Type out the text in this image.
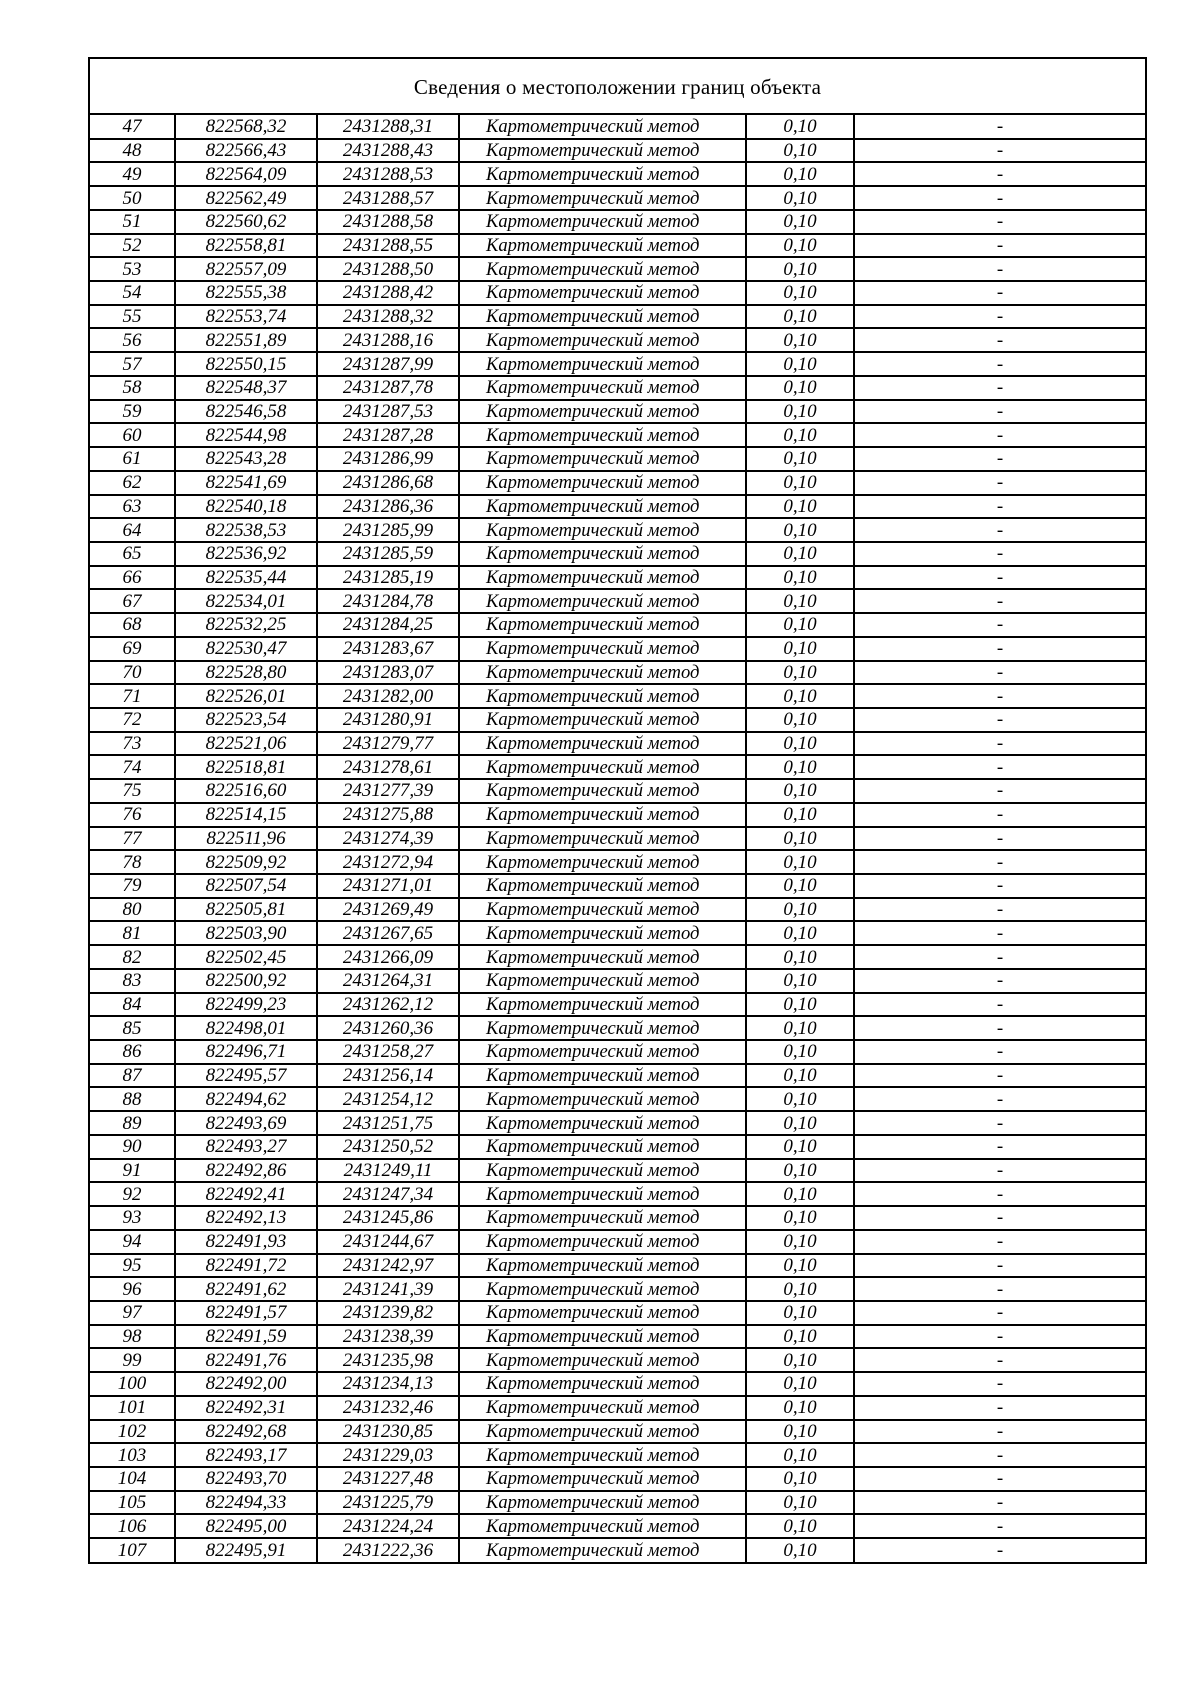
Сведения о местоположении границ объекта
47	822568,32	2431288,31	Картометрический метод	0,10	-
48	822566,43	2431288,43	Картометрический метод	0,10	-
49	822564,09	2431288,53	Картометрический метод	0,10	-
50	822562,49	2431288,57	Картометрический метод	0,10	-
51	822560,62	2431288,58	Картометрический метод	0,10	-
52	822558,81	2431288,55	Картометрический метод	0,10	-
53	822557,09	2431288,50	Картометрический метод	0,10	-
54	822555,38	2431288,42	Картометрический метод	0,10	-
55	822553,74	2431288,32	Картометрический метод	0,10	-
56	822551,89	2431288,16	Картометрический метод	0,10	-
57	822550,15	2431287,99	Картометрический метод	0,10	-
58	822548,37	2431287,78	Картометрический метод	0,10	-
59	822546,58	2431287,53	Картометрический метод	0,10	-
60	822544,98	2431287,28	Картометрический метод	0,10	-
61	822543,28	2431286,99	Картометрический метод	0,10	-
62	822541,69	2431286,68	Картометрический метод	0,10	-
63	822540,18	2431286,36	Картометрический метод	0,10	-
64	822538,53	2431285,99	Картометрический метод	0,10	-
65	822536,92	2431285,59	Картометрический метод	0,10	-
66	822535,44	2431285,19	Картометрический метод	0,10	-
67	822534,01	2431284,78	Картометрический метод	0,10	-
68	822532,25	2431284,25	Картометрический метод	0,10	-
69	822530,47	2431283,67	Картометрический метод	0,10	-
70	822528,80	2431283,07	Картометрический метод	0,10	-
71	822526,01	2431282,00	Картометрический метод	0,10	-
72	822523,54	2431280,91	Картометрический метод	0,10	-
73	822521,06	2431279,77	Картометрический метод	0,10	-
74	822518,81	2431278,61	Картометрический метод	0,10	-
75	822516,60	2431277,39	Картометрический метод	0,10	-
76	822514,15	2431275,88	Картометрический метод	0,10	-
77	822511,96	2431274,39	Картометрический метод	0,10	-
78	822509,92	2431272,94	Картометрический метод	0,10	-
79	822507,54	2431271,01	Картометрический метод	0,10	-
80	822505,81	2431269,49	Картометрический метод	0,10	-
81	822503,90	2431267,65	Картометрический метод	0,10	-
82	822502,45	2431266,09	Картометрический метод	0,10	-
83	822500,92	2431264,31	Картометрический метод	0,10	-
84	822499,23	2431262,12	Картометрический метод	0,10	-
85	822498,01	2431260,36	Картометрический метод	0,10	-
86	822496,71	2431258,27	Картометрический метод	0,10	-
87	822495,57	2431256,14	Картометрический метод	0,10	-
88	822494,62	2431254,12	Картометрический метод	0,10	-
89	822493,69	2431251,75	Картометрический метод	0,10	-
90	822493,27	2431250,52	Картометрический метод	0,10	-
91	822492,86	2431249,11	Картометрический метод	0,10	-
92	822492,41	2431247,34	Картометрический метод	0,10	-
93	822492,13	2431245,86	Картометрический метод	0,10	-
94	822491,93	2431244,67	Картометрический метод	0,10	-
95	822491,72	2431242,97	Картометрический метод	0,10	-
96	822491,62	2431241,39	Картометрический метод	0,10	-
97	822491,57	2431239,82	Картометрический метод	0,10	-
98	822491,59	2431238,39	Картометрический метод	0,10	-
99	822491,76	2431235,98	Картометрический метод	0,10	-
100	822492,00	2431234,13	Картометрический метод	0,10	-
101	822492,31	2431232,46	Картометрический метод	0,10	-
102	822492,68	2431230,85	Картометрический метод	0,10	-
103	822493,17	2431229,03	Картометрический метод	0,10	-
104	822493,70	2431227,48	Картометрический метод	0,10	-
105	822494,33	2431225,79	Картометрический метод	0,10	-
106	822495,00	2431224,24	Картометрический метод	0,10	-
107	822495,91	2431222,36	Картометрический метод	0,10	-
